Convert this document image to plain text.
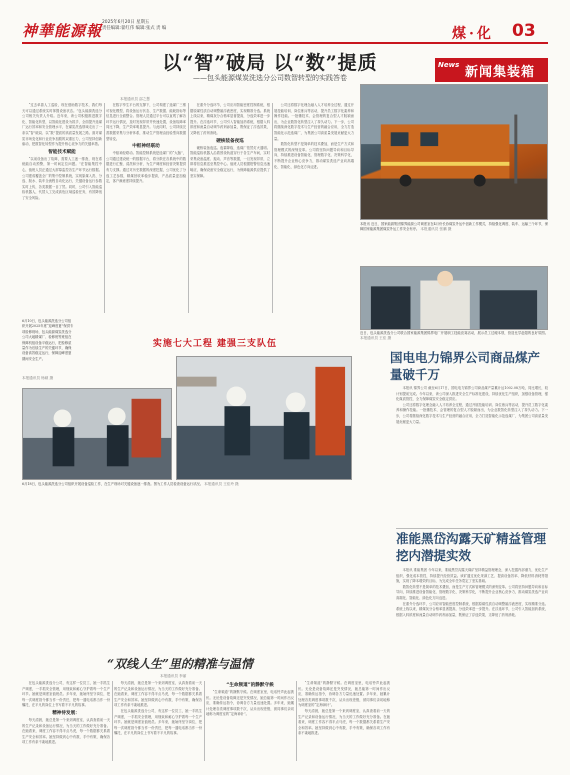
神華能源報 2025年6月20日 星期五
责任编辑:翟红伟 编辑:张式 责 编	煤·化 03
以“智”破局 以“数”提质
——包头能源煤炭洗选分公司数智转型的实践答卷
本报通讯员 邵之慧
News 新闻集装箱

“过去单靠人工巡检，现在借助数字技术，我们每天可以通过系统实时掌握设备状态。”包头能源洗选分公司相关负责人介绍。近年来，该公司积极推进数字化、智能化转型，以智能化建设为抓手，全面提升选煤厂运行效率和安全管理水平，在煤炭洗选领域走出了一条以“智”破局、以“数”提质的高质量发展之路。面对煤炭市场变化和行业竞争加剧的双重压力，公司坚持创新驱动，把数智化转型作为提升核心竞争力的关键举措。

智能技术赋能

“以前设备出了故障，需要人工逐一排查，现在系统能自动预警，第一时间定位问题。”在智能集控中心，值班人员正通过大屏幕监控各生产环节运行数据。公司建成覆盖全厂的集中控制系统，实现原煤入洗、分选、脱水、装车全流程自动化运行，关键设备运行参数实时上传，各类数据一目了然。同时，公司引入智能巡检机器人，代替人工完成高危区域巡检任务，有效降低了安全风险。

在数字孪生平台的支撑下，公司构建了选煤厂三维可视化模型，将设备运行状态、生产数据、能耗指标等信息进行全面整合。管理人员通过平台可以直观了解各环节运行情况，及时发现异常并快速处置，设备故障率同比下降，生产效率明显提升。与此同时，公司持续完善数据采集与分析体系，推动生产管理由经验型向数据型转变。

中枢神经联动

中枢神经联动。智能控制系统是选煤厂的“大脑”，公司通过建设统一的数据平台，将分散在各系统中的数据进行汇聚、清洗和分析，为生产调度和经营决策提供有力支撑。通过对历史数据的深度挖掘，公司优化了分选工艺参数，精煤回收率稳步提高，产品质量更加稳定，客户满意度持续提升。

在重介分选环节，公司应用智能密度控制系统，根据原煤性质自动调整悬浮液密度，实现精准分选。系统上线以来，精煤灰分合格率显著提高，分选效率进一步提升。在浮选环节，公司引入智能加药系统，根据入料浓度和流量自动调节药剂添加量，既保证了浮选效果，又降低了药剂消耗。

硬核装备夜巡

硬核装备夜巡。夜幕降临，选煤厂依然灯火通明。智能巡检机器人沿着预设轨道穿行于各生产车间，实时采集设备温度、振动、声音等数据，一旦发现异常，立即将信息推送至集控中心。值班人员根据报警信息迅速响应，确保设备安全稳定运行，为保障能源供应提供了坚实保障。

公司还将数字化理念融入人才培养全过程，通过开展技能培训、岗位练兵等活动，提升员工数字化素养和操作技能。一批懂技术、会管理的复合型人才脱颖而出，为企业数智化转型注入了持久动力。下一步，公司将继续深化数字技术与生产经营的融合应用，全力打造智能化示范选煤厂，为集团公司高质量发展贡献更大力量。

数智化转型不是简单的技术叠加，而是生产方式和管理模式的深刻变革。公司将坚持问题导向和目标导向，持续推进设备智能化、管理数字化、决策科学化，不断提升企业核心竞争力，推动煤炭洗选产业向高端化、智能化、绿色化方向迈进。

本报讯 近日，国家能源集团锦界能源公司调度室在4月份长协煤炭外运中创新工作模式，持续强化调度、装车、运输三个环节，保障国家能源集团煤炭外运工作安全有序。 本报通讯员 张鹏 摄
近日，包头能源洗选分公司联合国家能源集团锦界电厂开展职工技能竞赛活动，展示员工过硬本领，营造比学赶超的良好氛围。 本报通讯员 王佳 摄
国电电力锦界公司商品煤产量破千万

本报讯 锦界公司 截至6月17日，国电电力锦界公司商品煤产量累计达1002.08万吨，同比增长，较计划提前完成。今年以来，该公司深入推进安全生产标准化建设，持续优化生产组织，加强设备管理，强化煤质管控，全力保障煤炭安全稳定供应。

公司还将数字化理念融入人才培养全过程，通过开展技能培训、岗位练兵等活动，提升员工数字化素养和操作技能。一批懂技术、会管理的复合型人才脱颖而出，为企业数智化转型注入了持久动力。下一步，公司将继续深化数字技术与生产经营的融合应用，全力打造智能化示范选煤厂，为集团公司高质量发展贡献更大力量。

准能黑岱沟露天矿精益管理挖内潜提实效

本报讯 准能集团 今年以来，准能黑岱沟露天煤矿坚持精益管理理念，深入挖掘内部潜力，优化生产组织，强化成本管控，持续提升经营效益。该矿通过优化采剥工艺、提高设备效率、降低材料消耗等措施，实现了降本增效的目标，为完成全年任务奠定了坚实基础。

数智化转型不是简单的技术叠加，而是生产方式和管理模式的深刻变革。公司将坚持问题导向和目标导向，持续推进设备智能化、管理数字化、决策科学化，不断提升企业核心竞争力，推动煤炭洗选产业向高端化、智能化、绿色化方向迈进。

在重介分选环节，公司应用智能密度控制系统，根据原煤性质自动调整悬浮液密度，实现精准分选。系统上线以来，精煤灰分合格率显著提高，分选效率进一步提升。在浮选环节，公司引入智能加药系统，根据入料浓度和流量自动调节药剂添加量，既保证了浮选效果，又降低了药剂消耗。

6月10日，包头能源洗选分公司组织开展2025年度“迎峰度夏”保供专项检修现场，包头能源煤炭洗选分公司大地精煤厂、检修班等班组在保障机组设备平稳运行，把检修质量作为后续生产的关键环节，确保设备高效稳定运行，保障迎峰度夏期间安全生产。
实施七大工程 建强三支队伍
本报通讯员 杨硕 摄
6月18日，包头能源洗选分公司组织开展设备巡检工作，在生产现场对关键设备逐一排查。图为工作人员检查设备运行状况。 本报通讯员 王佳玲 摄
“双线人生”里的精准与温情
本报通讯员 李丽

在包头能源洗选分公司，有这样一位员工，她一手抓生产调度，一手抓安全管理，用细致和耐心守护着每一个生产环节。她就是调度室值班员。多年来，她始终坚守岗位，把每一次调度指令都当作一份责任，把每一通电话都当作一份嘱托，在平凡的岗位上书写着不平凡的故事。

精神待发展：

每天清晨，她总是第一个来到调度室，认真查看前一天的生产记录和设备运行情况，为当天的工作做好充分准备。在她看来，调度工作容不得半点马虎，每一个数据都关系着生产安全和效率。她坚持做到心中有数、手中有策，确保各项工作有条不紊地推进。

每天清晨，她总是第一个来到调度室，认真查看前一天的生产记录和设备运行情况，为当天的工作做好充分准备。在她看来，调度工作容不得半点马虎，每一个数据都关系着生产安全和效率。她坚持做到心中有数、手中有策，确保各项工作有条不紊地推进。

在包头能源洗选分公司，有这样一位员工，她一手抓生产调度，一手抓安全管理，用细致和耐心守护着每一个生产环节。她就是调度室值班员。多年来，她始终坚守岗位，把每一次调度指令都当作一份责任，把每一通电话都当作一份嘱托，在平凡的岗位上书写着不平凡的故事。

“生命频道”的静默守候

“生命频道”的静默守候。在调度室里，电话铃声此起彼伏。无论是设备故障还是突发情况，她总能第一时间作出反应，准确传达指令，协调各方力量迅速处置。多年来，她累计处理各类调度事项数千次，从未出现差错，被同事们亲切地称为调度室的“定海神针”。

“生命频道”的静默守候。在调度室里，电话铃声此起彼伏。无论是设备故障还是突发情况，她总能第一时间作出反应，准确传达指令，协调各方力量迅速处置。多年来，她累计处理各类调度事项数千次，从未出现差错，被同事们亲切地称为调度室的“定海神针”。

每天清晨，她总是第一个来到调度室，认真查看前一天的生产记录和设备运行情况，为当天的工作做好充分准备。在她看来，调度工作容不得半点马虎，每一个数据都关系着生产安全和效率。她坚持做到心中有数、手中有策，确保各项工作有条不紊地推进。
